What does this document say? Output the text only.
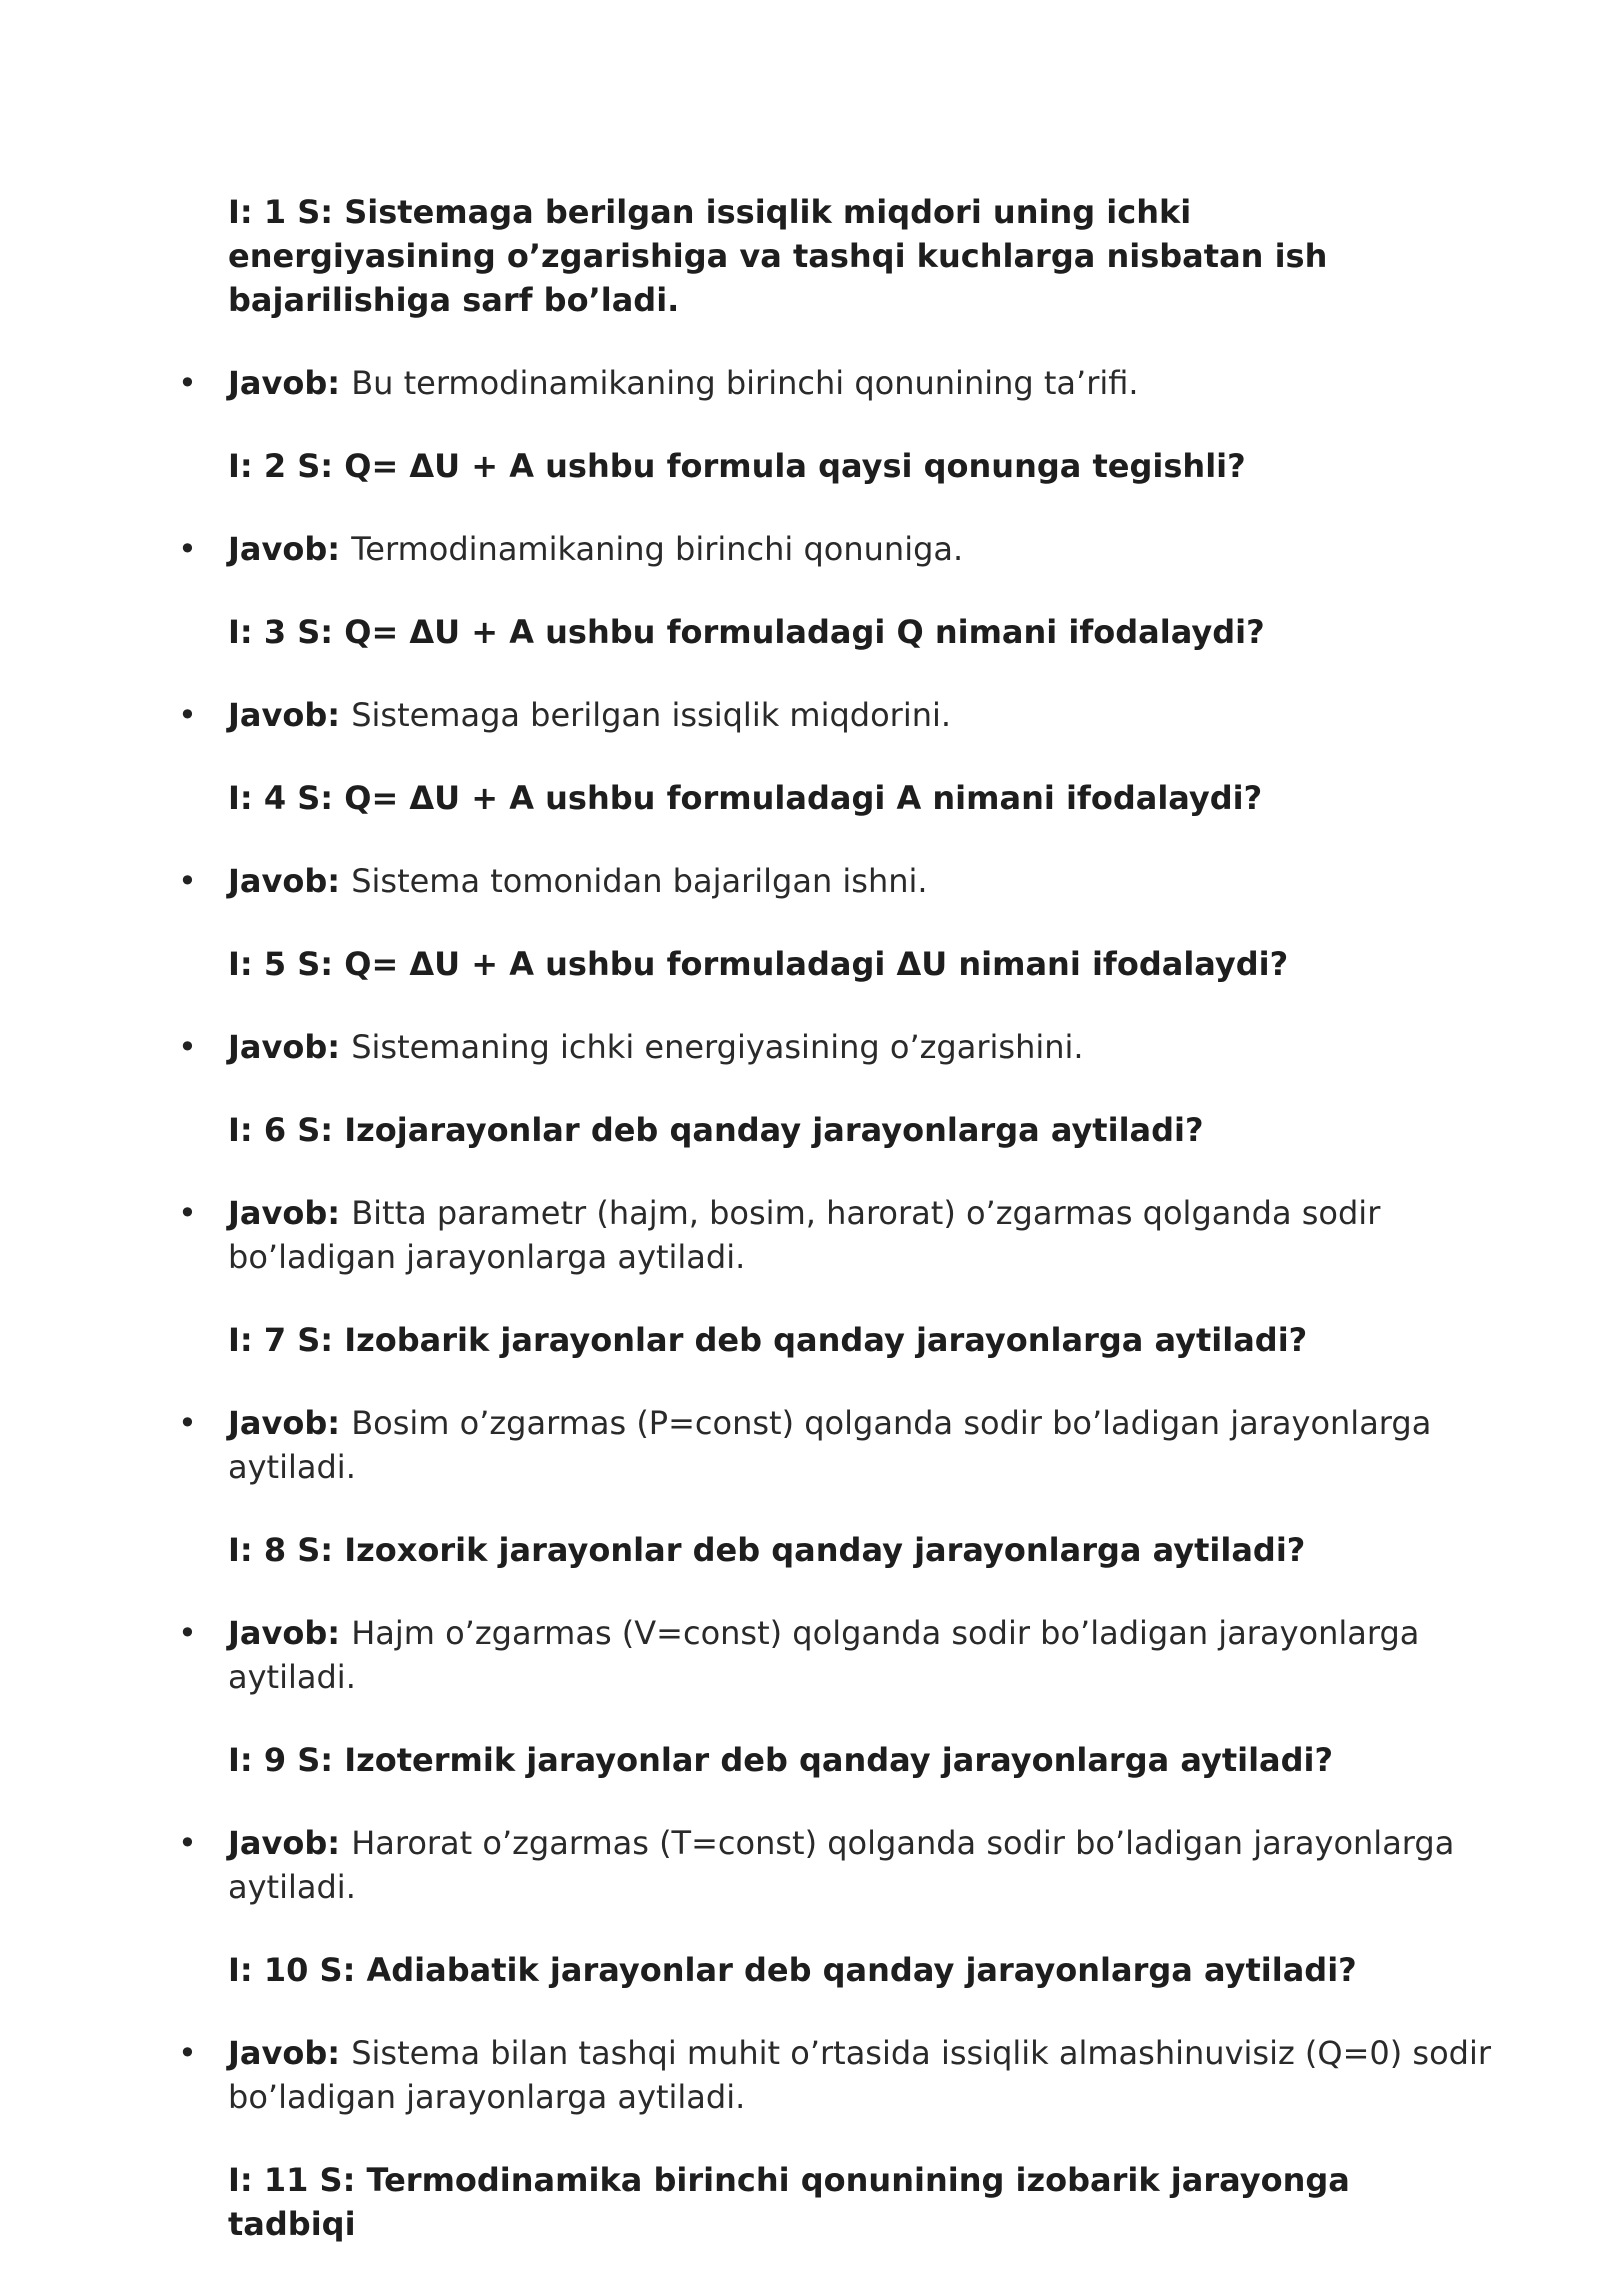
I: 1 S: Sistemaga berilgan issiqlik miqdori uning ichki energiyasining o’zgarishiga va tashqi kuchlarga nisbatan ish bajarilishiga sarf bo’ladi.
• Javob: Bu termodinamikaning birinchi qonunining ta’rifi.
I: 2 S: Q= ΔU + A ushbu formula qaysi qonunga tegishli?
• Javob: Termodinamikaning birinchi qonuniga.
I: 3 S: Q= ΔU + A ushbu formuladagi Q nimani ifodalaydi?
• Javob: Sistemaga berilgan issiqlik miqdorini.
I: 4 S: Q= ΔU + A ushbu formuladagi A nimani ifodalaydi?
• Javob: Sistema tomonidan bajarilgan ishni.
I: 5 S: Q= ΔU + A ushbu formuladagi ΔU nimani ifodalaydi?
• Javob: Sistemaning ichki energiyasining o’zgarishini.
I: 6 S: Izojarayonlar deb qanday jarayonlarga aytiladi?
• Javob: Bitta parametr (hajm, bosim, harorat) o’zgarmas qolganda sodir bo’ladigan jarayonlarga aytiladi.
I: 7 S: Izobarik jarayonlar deb qanday jarayonlarga aytiladi?
• Javob: Bosim o’zgarmas (P=const) qolganda sodir bo’ladigan jarayonlarga aytiladi.
I: 8 S: Izoxorik jarayonlar deb qanday jarayonlarga aytiladi?
• Javob: Hajm o’zgarmas (V=const) qolganda sodir bo’ladigan jarayonlarga aytiladi.
I: 9 S: Izotermik jarayonlar deb qanday jarayonlarga aytiladi?
• Javob: Harorat o’zgarmas (T=const) qolganda sodir bo’ladigan jarayonlarga aytiladi.
I: 10 S: Adiabatik jarayonlar deb qanday jarayonlarga aytiladi?
• Javob: Sistema bilan tashqi muhit o’rtasida issiqlik almashinuvisiz (Q=0) sodir bo’ladigan jarayonlarga aytiladi.
I: 11 S: Termodinamika birinchi qonunining izobarik jarayonga tadbiqi
